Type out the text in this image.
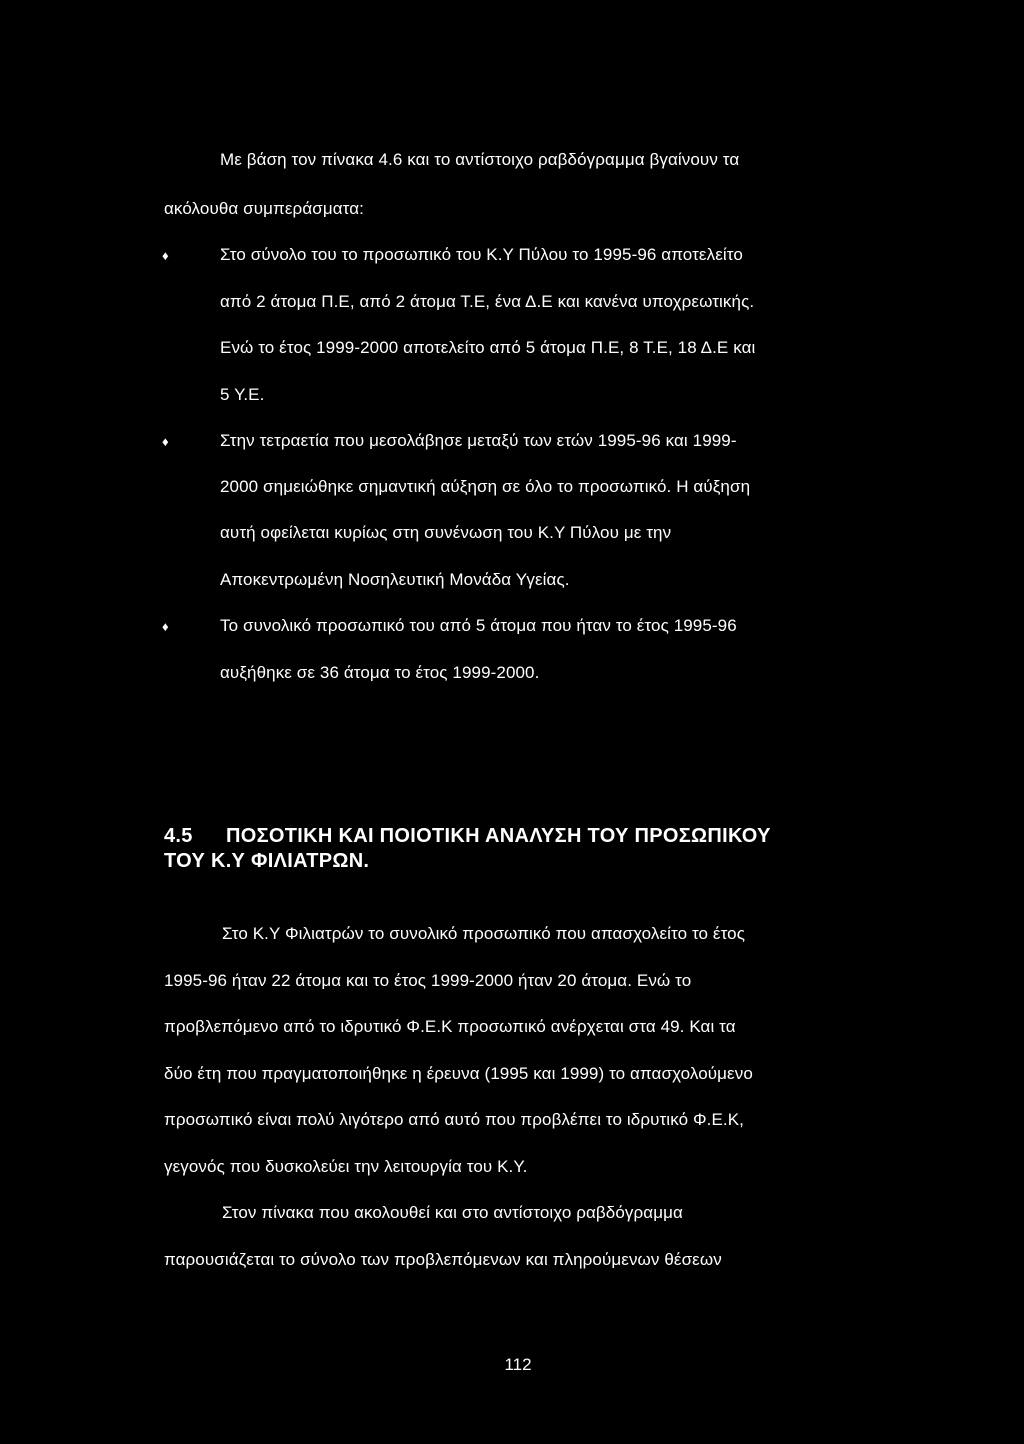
Με βάση τον πίνακα 4.6 και το αντίστοιχο ραβδόγραμμα βγαίνουν τα
ακόλουθα συμπεράσματα:
♦	Στο σύνολο του το προσωπικό του Κ.Υ Πύλου το 1995-96 αποτελείτο
από 2 άτομα Π.Ε, από 2 άτομα Τ.Ε, ένα Δ.Ε και κανένα υποχρεωτικής.
Ενώ το έτος 1999-2000 αποτελείτο από 5 άτομα Π.Ε, 8 Τ.Ε, 18 Δ.Ε και
5 Υ.Ε.
♦	Στην τετραετία που μεσολάβησε μεταξύ των ετών 1995-96 και 1999-
2000 σημειώθηκε σημαντική αύξηση σε όλο το προσωπικό. Η αύξηση
αυτή οφείλεται κυρίως στη συνένωση του Κ.Υ Πύλου με την
Αποκεντρωμένη Νοσηλευτική Μονάδα Υγείας.
♦	Το συνολικό προσωπικό του από 5 άτομα που ήταν το έτος 1995-96
αυξήθηκε σε 36 άτομα το έτος 1999-2000.
4.5 ΠΟΣΟΤΙΚΗ ΚΑΙ ΠΟΙΟΤΙΚΗ ΑΝΑΛΥΣΗ ΤΟΥ ΠΡΟΣΩΠΙΚΟΥ
ΤΟΥ Κ.Υ ΦΙΛΙΑΤΡΩΝ.
Στο Κ.Υ Φιλιατρών το συνολικό προσωπικό που απασχολείτο το έτος
1995-96 ήταν 22 άτομα και το έτος 1999-2000 ήταν 20 άτομα. Ενώ το
προβλεπόμενο από το ιδρυτικό Φ.Ε.Κ προσωπικό ανέρχεται στα 49. Και τα
δύο έτη που πραγματοποιήθηκε η έρευνα (1995 και 1999) το απασχολούμενο
προσωπικό είναι πολύ λιγότερο από αυτό που προβλέπει το ιδρυτικό Φ.Ε.Κ,
γεγονός που δυσκολεύει την λειτουργία του Κ.Υ.
Στον πίνακα που ακολουθεί και στο αντίστοιχο ραβδόγραμμα
παρουσιάζεται το σύνολο των προβλεπόμενων και πληρούμενων θέσεων
112
